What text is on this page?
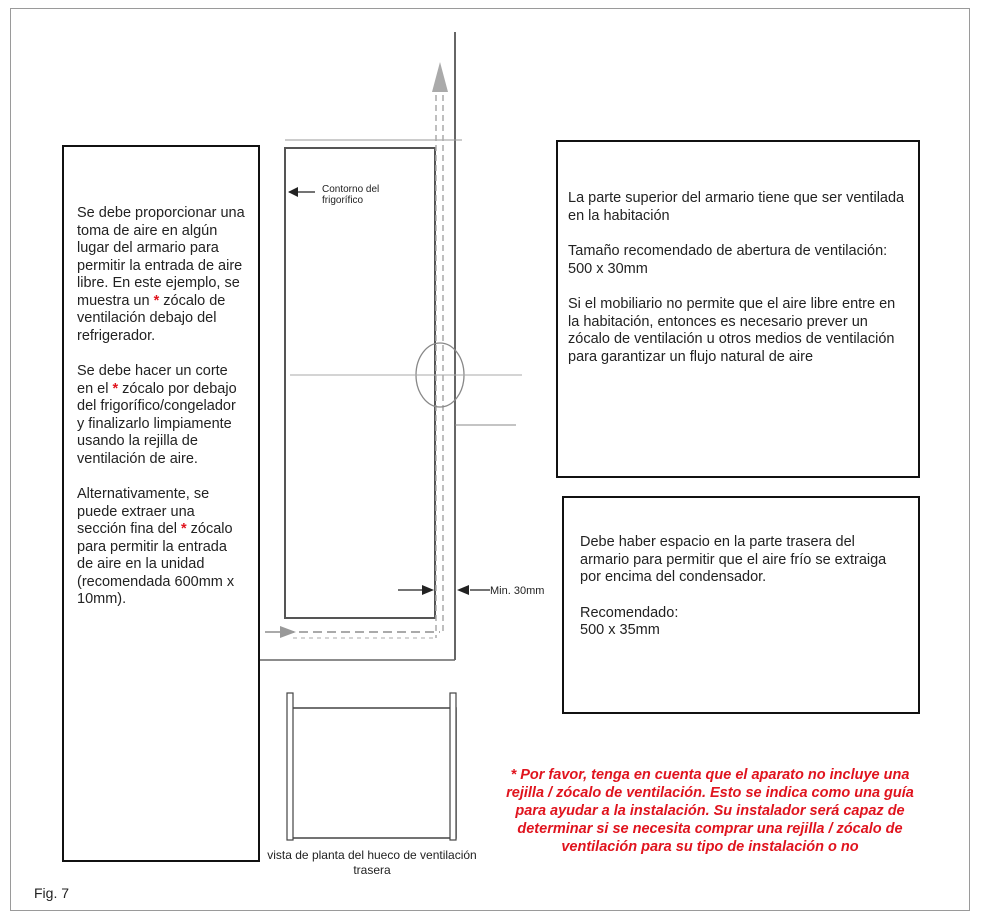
Contorno del frigorífico
Min. 30mm

Se debe proporcionar una toma de aire en algún lugar del armario para permitir la entrada de aire libre. En este ejemplo, se muestra un * zócalo de ventilación debajo del refrigerador.

Se debe hacer un corte en el * zócalo por debajo del frigorífico/congelador y finalizarlo limpiamente usando la rejilla de ventilación de aire.

Alternativamente, se puede extraer una sección fina del * zócalo para permitir la entrada de aire en la unidad (recomendada 600mm x 10mm).

La parte superior del armario tiene que ser ventilada en la habitación

Tamaño recomendado de abertura de ventilación:

500 x 30mm

Si el mobiliario no permite que el aire libre entre en la habitación, entonces es necesario prever un zócalo de ventilación u otros medios de ventilación para garantizar un flujo natural de aire

Debe haber espacio en la parte trasera del armario para permitir que el aire frío se extraiga por encima del condensador.

Recomendado:

500 x 35mm

vista de planta del hueco de ventilación trasera
* Por favor, tenga en cuenta que el aparato no incluye una rejilla / zócalo de ventilación. Esto se indica como una guía para ayudar a la instalación. Su instalador será capaz de determinar si se necesita comprar una rejilla / zócalo de ventilación para su tipo de instalación o no
Fig. 7
